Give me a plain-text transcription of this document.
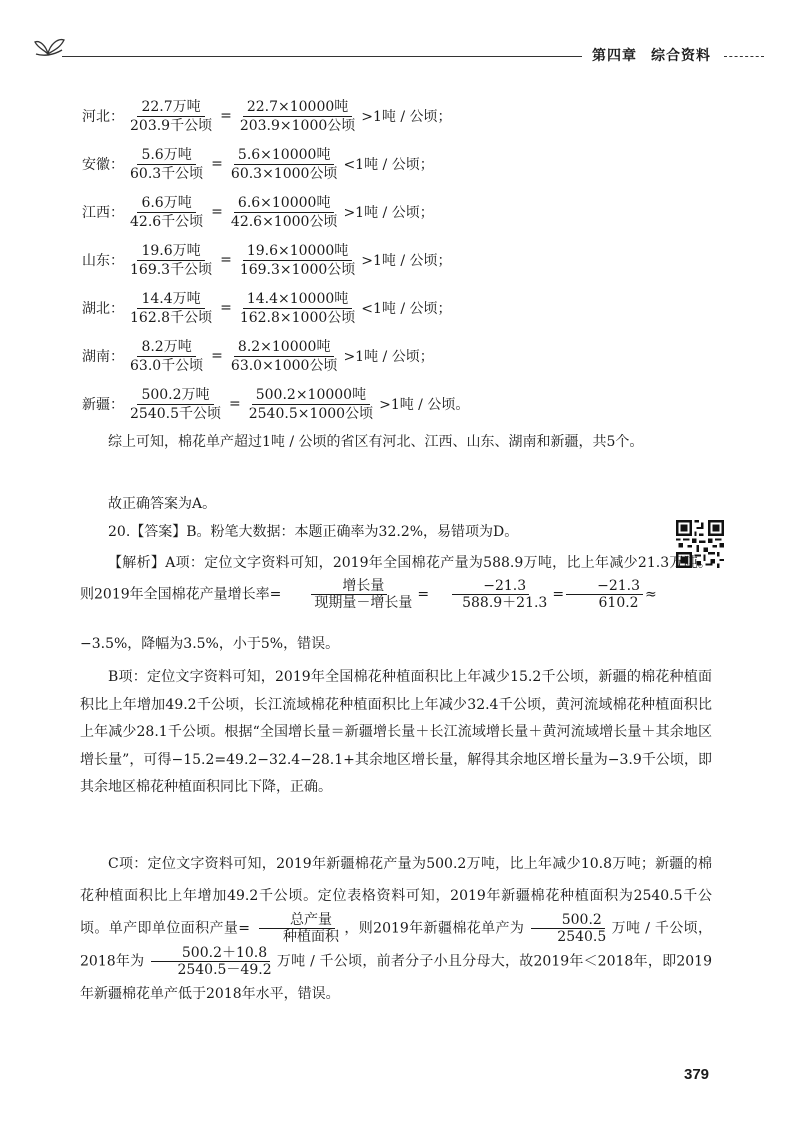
第四章 综合资料
河北： $\frac{\text{22.7万吨}}{\text{203.9千公顷}} = \frac{\text{22.7×10000吨}}{\text{203.9×1000公顷}} >1$吨 / 公顷；
安徽： $\frac{\text{5.6万吨}}{\text{60.3千公顷}} = \frac{\text{5.6×10000吨}}{\text{60.3×1000公顷}} <1$吨 / 公顷；
江西： $\frac{\text{6.6万吨}}{\text{42.6千公顷}} = \frac{\text{6.6×10000吨}}{\text{42.6×1000公顷}} >1$吨 / 公顷；
山东： $\frac{\text{19.6万吨}}{\text{169.3千公顷}} = \frac{\text{19.6×10000吨}}{\text{169.3×1000公顷}} >1$吨 / 公顷；
湖北： $\frac{\text{14.4万吨}}{\text{162.8千公顷}} = \frac{\text{14.4×10000吨}}{\text{162.8×1000公顷}} <1$吨 / 公顷；
湖南： $\frac{\text{8.2万吨}}{\text{63.0千公顷}} = \frac{\text{8.2×10000吨}}{\text{63.0×1000公顷}} >1$吨 / 公顷；
新疆： $\frac{\text{500.2万吨}}{\text{2540.5千公顷}} = \frac{\text{500.2×10000吨}}{\text{2540.5×1000公顷}} >1$吨 / 公顷。
综上可知，棉花单产超过1吨 / 公顷的省区有河北、江西、山东、湖南和新疆，共5个。
故正确答案为A。
20.【答案】B。粉笔大数据：本题正确率为32.2%，易错项为D。
【解析】A项：定位文字资料可知，2019年全国棉花产量为588.9万吨，比上年减少21.3万吨。则2019年全国棉花产量增长率=
增长量
现期量－增长量
= $\frac{-21.3}{588.9+21.3} = \frac{-21.3}{610.2}$ ≈
−3.5%，降幅为3.5%，小于5%，错误。
B项：定位文字资料可知，2019年全国棉花种植面积比上年减少15.2千公顷，新疆的棉花种植面积比上年增加49.2千公顷，长江流域棉花种植面积比上年减少32.4千公顷，黄河流域棉花种植面积比上年减少28.1千公顷。根据“全国增长量＝新疆增长量＋长江流域增长量＋黄河流域增长量＋其余地区增长量”，可得−15.2=49.2−32.4−28.1+其余地区增长量，解得其余地区增长量为−3.9千公顷，即其余地区棉花种植面积同比下降，正确。
C项：定位文字资料可知，2019年新疆棉花产量为500.2万吨，比上年减少10.8万吨；新疆的棉花种植面积比上年增加49.2千公顷。定位表格资料可知，2019年新疆棉花种植面积为2540.5千公顷。单产即单位面积产量=
总产量
种植面积
，则2019年新疆棉花单产为 $\frac{500.2}{2540.5}$ 万吨 / 千公顷，2018年为 $\frac{500.2+10.8}{2540.5-49.2}$ 万吨 / 千公顷，前者分子小且分母大，故2019年＜2018年，即2019年新疆棉花单产低于2018年水平，错误。
379
